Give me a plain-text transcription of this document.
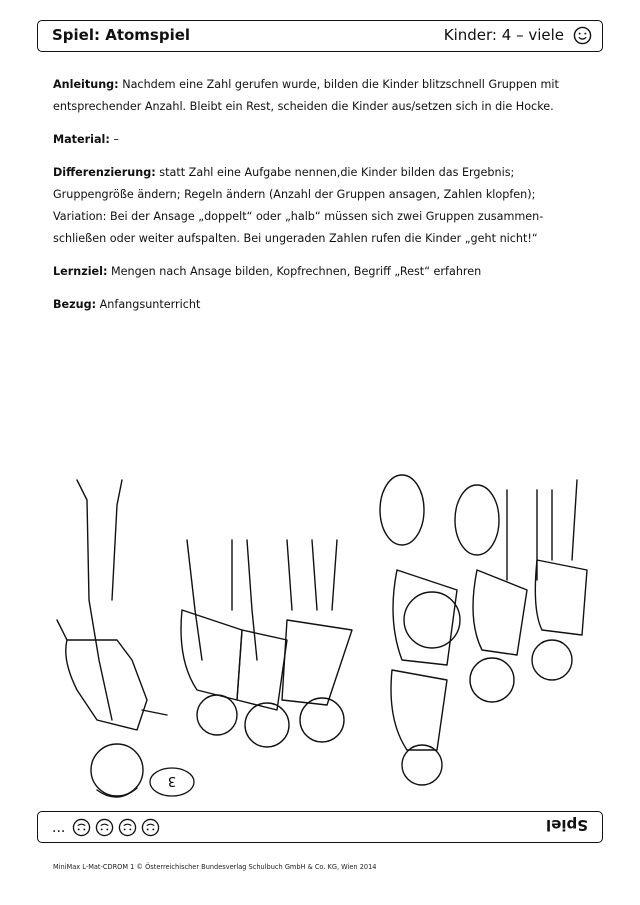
Spiel: Atomspiel	Kinder: 4 – viele

Anleitung: Nachdem eine Zahl gerufen wurde, bilden die Kinder blitzschnell Gruppen mit entsprechender Anzahl. Bleibt ein Rest, scheiden die Kinder aus/setzen sich in die Hocke.

Material: –

Differenzierung: statt Zahl eine Aufgabe nennen,die Kinder bilden das Ergebnis; Gruppengröße ändern; Regeln ändern (Anzahl der Gruppen ansagen, Zahlen klopfen); Variation: Bei der Ansage „doppelt“ oder „halb“ müssen sich zwei Gruppen zusammen-schließen oder weiter aufspalten. Bei ungeraden Zahlen rufen die Kinder „geht nicht!“

Lernziel: Mengen nach Ansage bilden, Kopfrechnen, Begriff „Rest“ erfahren

Bezug: Anfangsunterricht

3
...	Spiel
MiniMax L-Mat-CDROM 1 © Österreichischer Bundesverlag Schulbuch GmbH & Co. KG, Wien 2014
